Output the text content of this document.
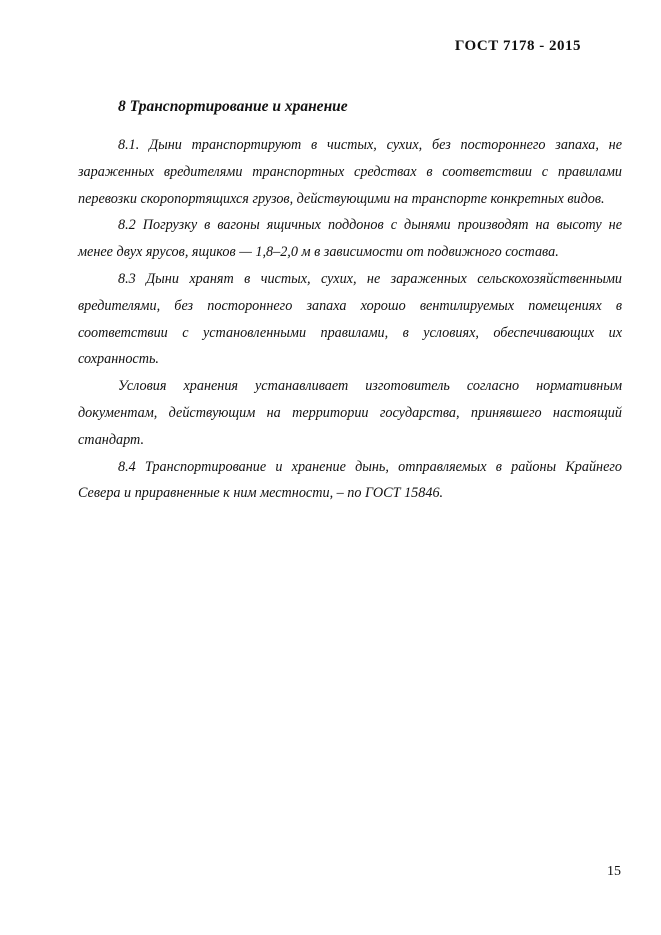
ГОСТ 7178 - 2015
8 Транспортирование и хранение

8.1. Дыни транспортируют в чистых, сухих, без постороннего запаха, не зараженных вредителями транспортных средствах в соответствии с правилами перевозки скоропортящихся грузов, действующими на транспорте конкретных видов.

8.2 Погрузку в вагоны ящичных поддонов с дынями производят на высоту не менее двух ярусов, ящиков — 1,8–2,0 м в зависимости от подвижного состава.

8.3 Дыни хранят в чистых, сухих, не зараженных сельскохозяйственными вредителями, без постороннего запаха хорошо вентилируемых помещениях в соответствии с установленными правилами, в условиях, обеспечивающих их сохранность.

Условия хранения устанавливает изготовитель согласно нормативным документам, действующим на территории государства, принявшего настоящий стандарт.

8.4 Транспортирование и хранение дынь, отправляемых в районы Крайнего Севера и приравненные к ним местности, – по ГОСТ 15846.

15
